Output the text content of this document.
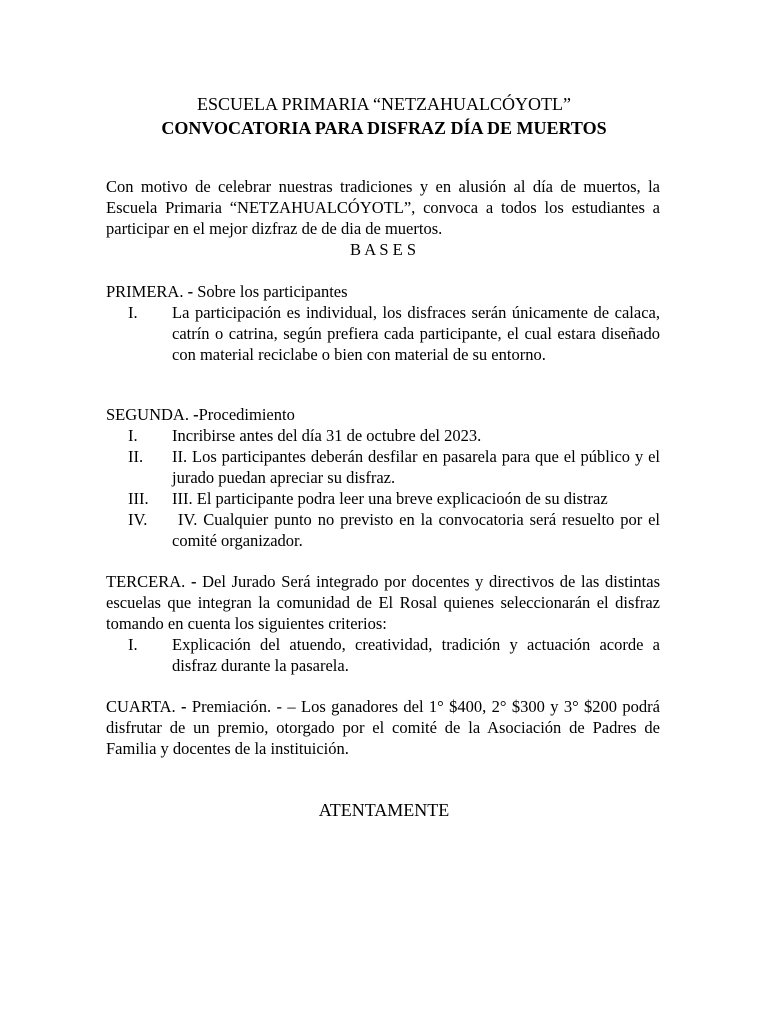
ESCUELA PRIMARIA “NETZAHUALCÓYOTL”
CONVOCATORIA PARA DISFRAZ DÍA DE MUERTOS
Con motivo de celebrar nuestras tradiciones y en alusión al día de muertos, la Escuela Primaria “NETZAHUALCÓYOTL”, convoca a todos los estudiantes a participar en el mejor dizfraz de de dia de muertos.
B A S E S
PRIMERA. - Sobre los participantes
I.	La participación es individual, los disfraces serán únicamente de calaca, catrín o catrina, según prefiera cada participante, el cual estara diseñado con material reciclabe o bien con material de su entorno.
SEGUNDA. -Procedimiento
I.	Incribirse antes del día 31 de octubre del 2023.
II.	II. Los participantes deberán desfilar en pasarela para que el público y el jurado puedan apreciar su disfraz.
III.	III. El participante podra leer una breve explicacioón de su distraz
IV.	IV. Cualquier punto no previsto en la convocatoria será resuelto por el comité organizador.
TERCERA. - Del Jurado Será integrado por docentes y directivos de las distintas escuelas que integran la comunidad de El Rosal quienes seleccionarán el disfraz tomando en cuenta los siguientes criterios:
I.	Explicación del atuendo, creatividad, tradición y actuación acorde a disfraz durante la pasarela.
CUARTA. - Premiación. - – Los ganadores del 1° $400, 2° $300 y 3° $200 podrá disfrutar de un premio, otorgado por el comité de la Asociación de Padres de Familia y docentes de la instituición.
ATENTAMENTE
